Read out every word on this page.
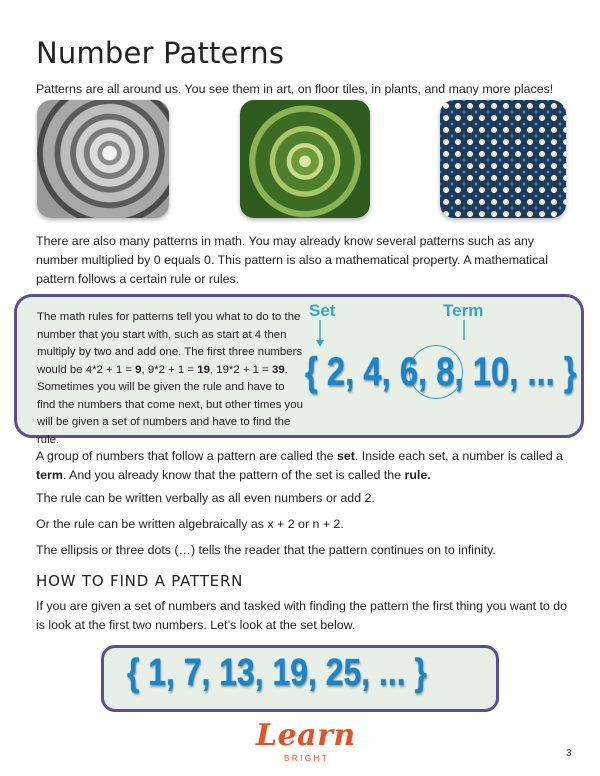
Number Patterns
Patterns are all around us. You see them in art, on floor tiles, in plants, and many more places!
There are also many patterns in math. You may already know several patterns such as any number multiplied by 0 equals 0. This pattern is also a mathematical property. A mathematical pattern follows a certain rule or rules.
The math rules for patterns tell you what to do to the number that you start with, such as start at 4 then multiply by two and add one. The first three numbers would be 4*2 + 1 = 9, 9*2 + 1 = 19, 19*2 + 1 = 39.
Sometimes you will be given the rule and have to find the numbers that come next, but other times you will be given a set of numbers and have to find the rule.
Set	Term
{ 2, 4, 6, 8, 10, ... }
A group of numbers that follow a pattern are called the set. Inside each set, a number is called a term. And you already know that the pattern of the set is called the rule.
The rule can be written verbally as all even numbers or add 2.
Or the rule can be written algebraically as x + 2 or n + 2.
The ellipsis or three dots (…) tells the reader that the pattern continues on to infinity.
HOW TO FIND A PATTERN
If you are given a set of numbers and tasked with finding the pattern the first thing you want to do is look at the first two numbers. Let’s look at the set below.
{ 1, 7, 13, 19, 25, ... }
Learn
BRIGHT	3
